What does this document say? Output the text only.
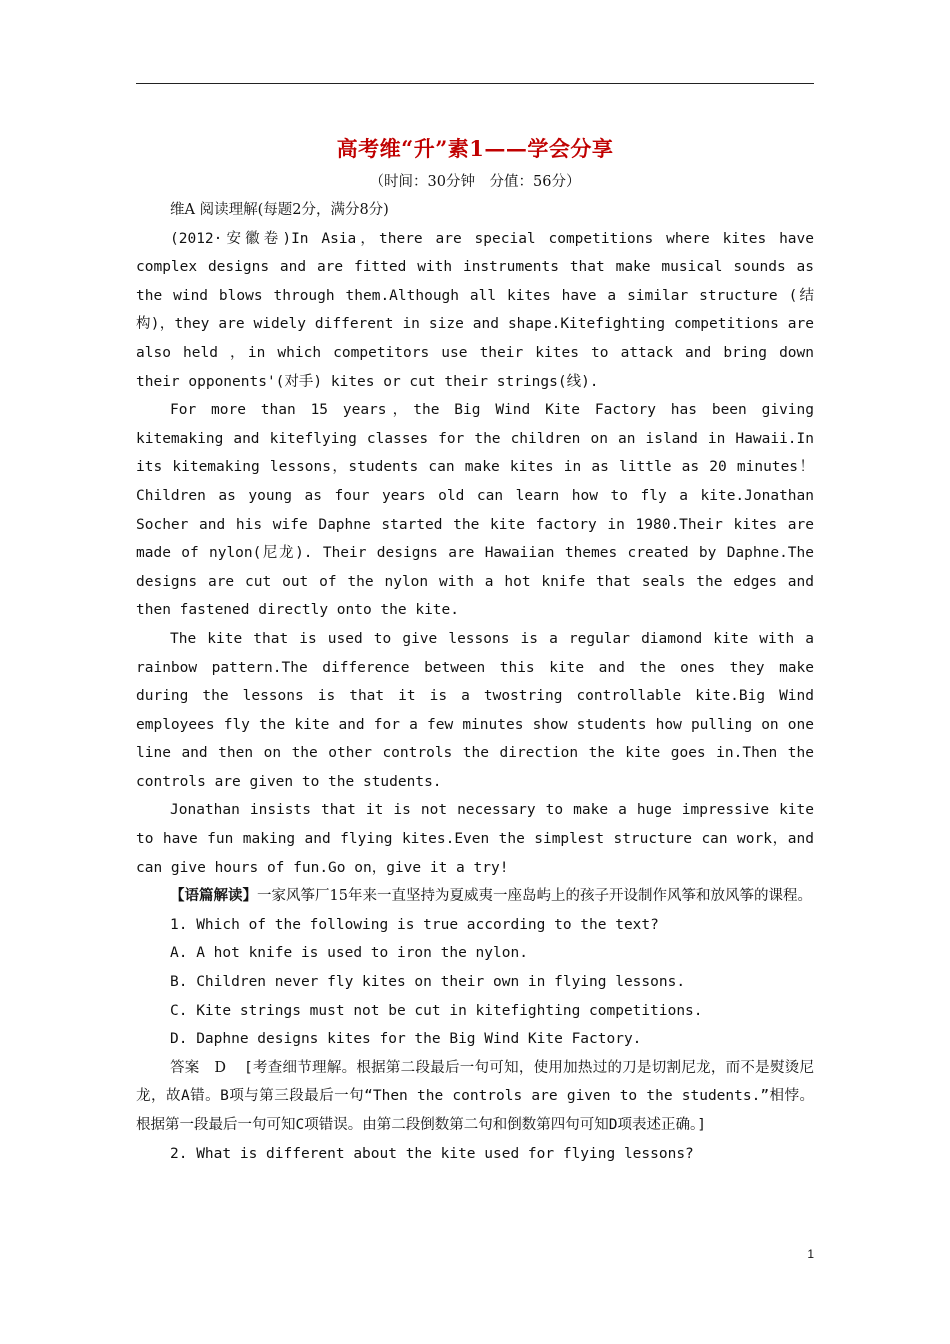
高考维“升”素1——学会分享
（时间：30分钟　分值：56分）

维A 阅读理解(每题2分，满分8分)

(2012·安徽卷)In Asia，there are special competitions where kites have complex designs and are fitted with instruments that make musical sounds as the wind blows through them.Although all kites have a similar structure (结构)，they are widely different in size and shape.Kitefighting competitions are also held ，in which competitors use their kites to attack and bring down their opponents'(对手) kites or cut their strings(线).

For more than 15 years，the Big Wind Kite Factory has been giving kitemaking and kiteflying classes for the children on an island in Hawaii.In its kitemaking lessons，students can make kites in as little as 20 minutes！Children as young as four years old can learn how to fly a kite.Jonathan Socher and his wife Daphne started the kite factory in 1980.Their kites are made of nylon(尼龙). Their designs are Hawaiian themes created by Daphne.The designs are cut out of the nylon with a hot knife that seals the edges and then fastened directly onto the kite.

The kite that is used to give lessons is a regular diamond kite with a rainbow pattern.The difference between this kite and the ones they make during the lessons is that it is a twostring controllable kite.Big Wind employees fly the kite and for a few minutes show students how pulling on one line and then on the other controls the direction the kite goes in.Then the controls are given to the students.

Jonathan insists that it is not necessary to make a huge impressive kite to have fun making and flying kites.Even the simplest structure can work，and can give hours of fun.Go on，give it a try!

【语篇解读】一家风筝厂15年来一直坚持为夏威夷一座岛屿上的孩子开设制作风筝和放风筝的课程。

1. Which of the following is true according to the text?

A. A hot knife is used to iron the nylon.

B. Children never fly kites on their own in flying lessons.

C. Kite strings must not be cut in kitefighting competitions.

D. Daphne designs kites for the Big Wind Kite Factory.

答案　D [考查细节理解。根据第二段最后一句可知，使用加热过的刀是切割尼龙，而不是熨烫尼龙，故A错。B项与第三段最后一句“Then the controls are given to the students.”相悖。根据第一段最后一句可知C项错误。由第二段倒数第二句和倒数第四句可知D项表述正确。]

2. What is different about the kite used for flying lessons?

1
